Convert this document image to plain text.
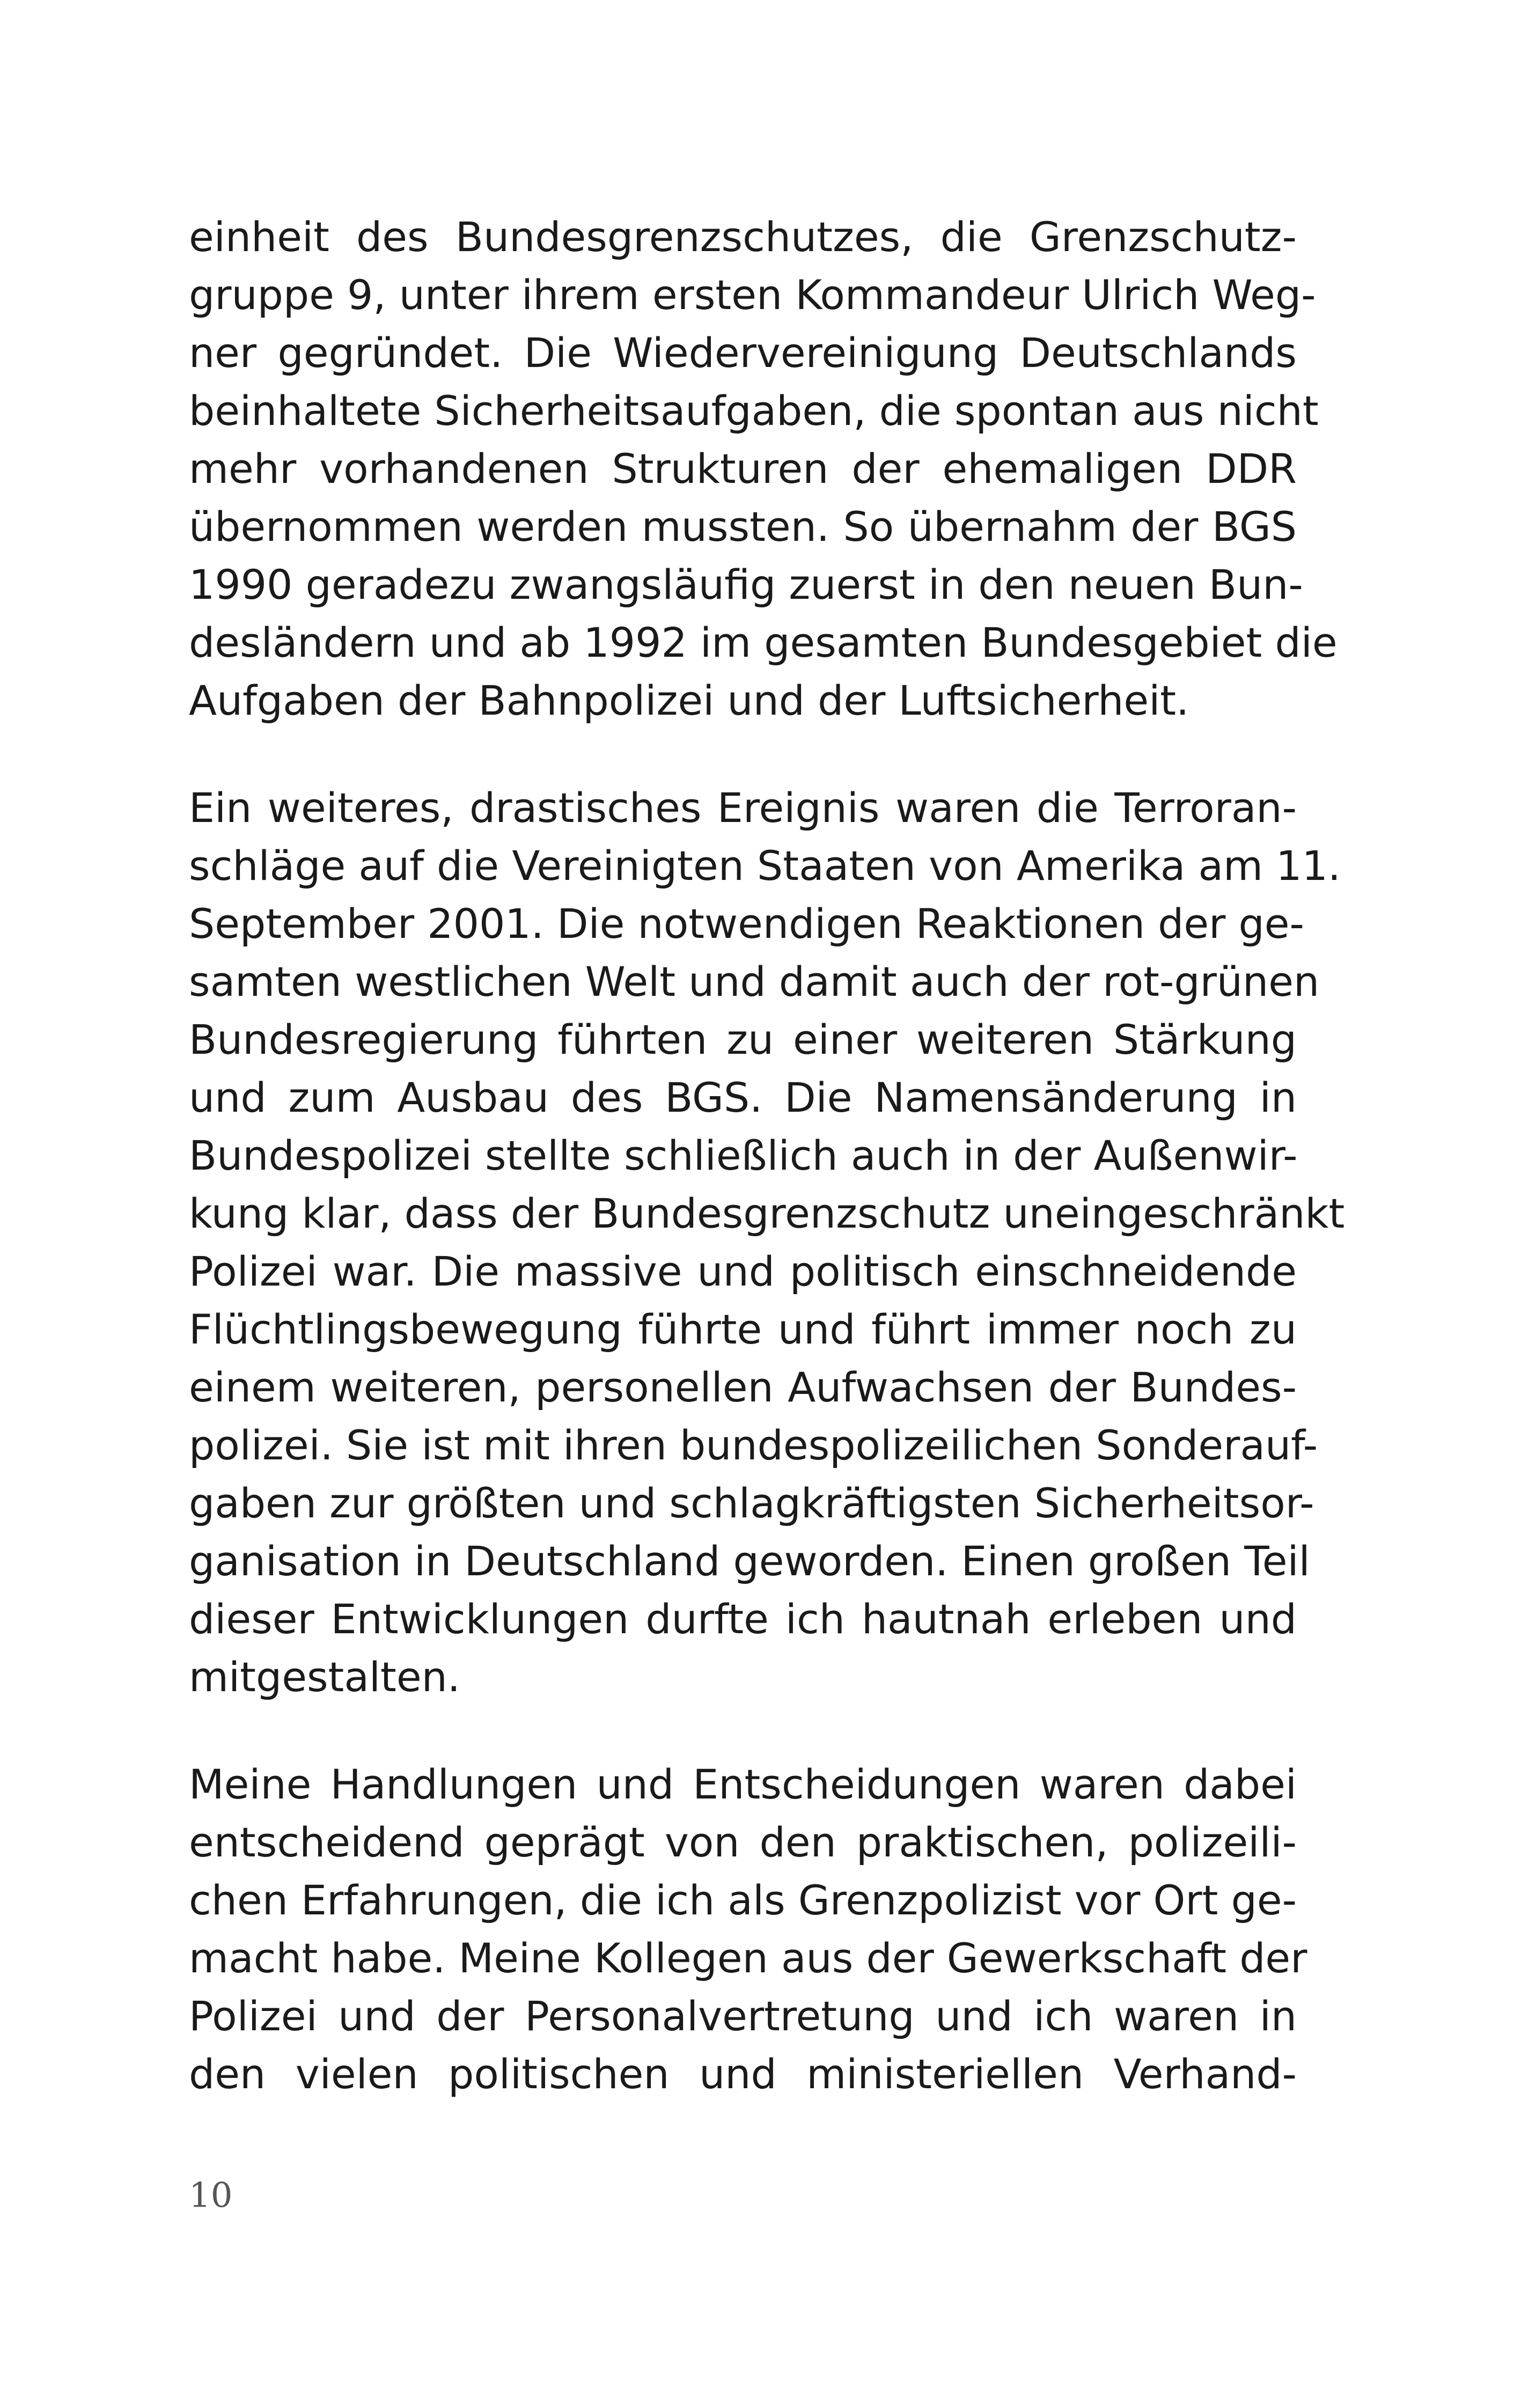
einheit des Bundesgrenzschutzes, die Grenzschutz-
gruppe 9, unter ihrem ersten Kommandeur Ulrich Weg-
ner gegründet. Die Wiedervereinigung Deutschlands
beinhaltete Sicherheitsaufgaben, die spontan aus nicht
mehr vorhandenen Strukturen der ehemaligen DDR
übernommen werden mussten. So übernahm der BGS
1990 geradezu zwangsläufig zuerst in den neuen Bun-
desländern und ab 1992 im gesamten Bundesgebiet die
Aufgaben der Bahnpolizei und der Luftsicherheit.
Ein weiteres, drastisches Ereignis waren die Terroran-
schläge auf die Vereinigten Staaten von Amerika am 11.
September 2001. Die notwendigen Reaktionen der ge-
samten westlichen Welt und damit auch der rot-grünen
Bundesregierung führten zu einer weiteren Stärkung
und zum Ausbau des BGS. Die Namensänderung in
Bundespolizei stellte schließlich auch in der Außenwir-
kung klar, dass der Bundesgrenzschutz uneingeschränkt
Polizei war. Die massive und politisch einschneidende
Flüchtlingsbewegung führte und führt immer noch zu
einem weiteren, personellen Aufwachsen der Bundes-
polizei. Sie ist mit ihren bundespolizeilichen Sonderauf-
gaben zur größten und schlagkräftigsten Sicherheitsor-
ganisation in Deutschland geworden. Einen großen Teil
dieser Entwicklungen durfte ich hautnah erleben und
mitgestalten.
Meine Handlungen und Entscheidungen waren dabei
entscheidend geprägt von den praktischen, polizeili-
chen Erfahrungen, die ich als Grenzpolizist vor Ort ge-
macht habe. Meine Kollegen aus der Gewerkschaft der
Polizei und der Personalvertretung und ich waren in
den vielen politischen und ministeriellen Verhand-
10
